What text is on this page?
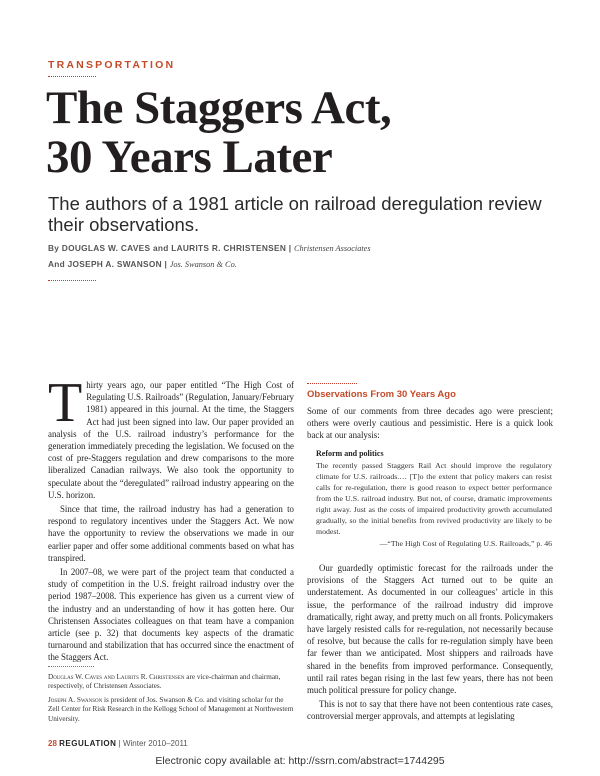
TRANSPORTATION
The Staggers Act,
30 Years Later
The authors of a 1981 article on railroad deregulation review their observations.
By DOUGLAS W. CAVES and LAURITS R. CHRISTENSEN | Christensen Associates
And JOSEPH A. SWANSON | Jos. Swanson & Co.
T hirty years ago, our paper entitled “The High Cost of Regulating U.S. Railroads” (Regulation, January/February 1981) appeared in this journal. At the time, the Staggers Act had just been signed into law. Our paper provided an analysis of the U.S. railroad industry’s performance for the generation immediately preceding the legislation. We focused on the cost of pre-Staggers regulation and drew comparisons to the more liberalized Canadian railways. We also took the opportunity to speculate about the “deregulated” railroad industry appearing on the U.S. horizon.

Since that time, the railroad industry has had a generation to respond to regulatory incentives under the Staggers Act. We now have the opportunity to review the observations we made in our earlier paper and offer some additional comments based on what has transpired.

In 2007–08, we were part of the project team that conducted a study of competition in the U.S. freight railroad industry over the period 1987–2008. This experience has given us a current view of the industry and an understanding of how it has gotten here. Our Christensen Associates colleagues on that team have a companion article (see p. 32) that documents key aspects of the dramatic turnaround and stabilization that has occurred since the enactment of the Staggers Act.

Douglas W. Caves and Laurits R. Christensen are vice-chairman and chairman, respectively, of Christensen Associates.
Joseph A. Swanson is president of Jos. Swanson & Co. and visiting scholar for the Zell Center for Risk Research in the Kellogg School of Management at Northwestern University.
Observations From 30 Years Ago
Some of our comments from three decades ago were prescient; others were overly cautious and pessimistic. Here is a quick look back at our analysis:
Reform and politics
The recently passed Staggers Rail Act should improve the regulatory climate for U.S. railroads.… [T]o the extent that policy makers can resist calls for re-regulation, there is good reason to expect better performance from the U.S. railroad industry. But not, of course, dramatic improvements right away. Just as the costs of impaired productivity growth accumulated gradually, so the initial benefits from revived productivity are likely to be modest.
—“The High Cost of Regulating U.S. Railroads,” p. 46

Our guardedly optimistic forecast for the railroads under the provisions of the Staggers Act turned out to be quite an understatement. As documented in our colleagues’ article in this issue, the performance of the railroad industry did improve dramatically, right away, and pretty much on all fronts. Policymakers have largely resisted calls for re-regulation, not necessarily because of resolve, but because the calls for re-regulation simply have been far fewer than we anticipated. Most shippers and railroads have shared in the benefits from improved performance. Consequently, until rail rates began rising in the last few years, there has not been much political pressure for policy change.

This is not to say that there have not been contentious rate cases, controversial merger approvals, and attempts at legislating

28 REGULATION | Winter 2010–2011
Electronic copy available at: http://ssrn.com/abstract=1744295
